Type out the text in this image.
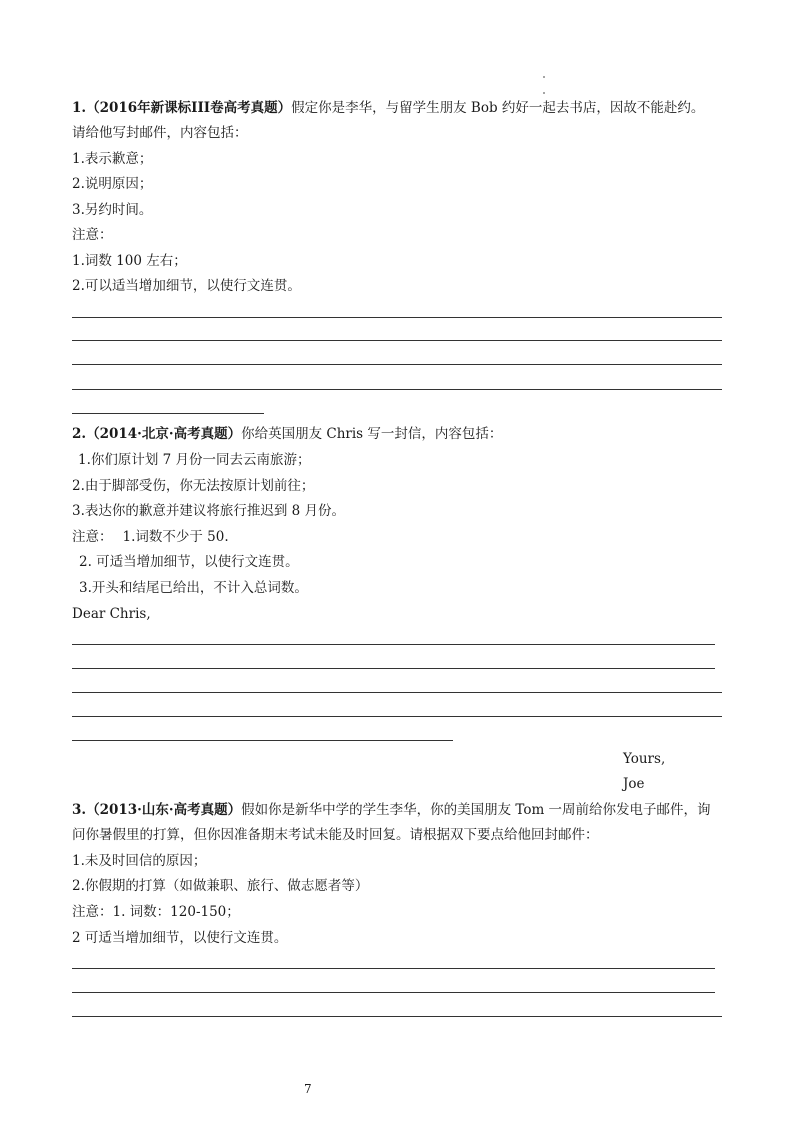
1.（2016年新课标III卷高考真题）假定你是李华，与留学生朋友 Bob 约好一起去书店，因故不能赴约。
请给他写封邮件，内容包括：
1.表示歉意；
2.说明原因；
3.另约时间。
注意：
1.词数 100 左右；
2.可以适当增加细节，以使行文连贯。
2.（2014·北京·高考真题）你给英国朋友 Chris 写一封信，内容包括：
1.你们原计划 7 月份一同去云南旅游；
2.由于脚部受伤，你无法按原计划前往；
3.表达你的歉意并建议将旅行推迟到 8 月份。
注意： 1.词数不少于 50.
2. 可适当增加细节，以使行文连贯。
3.开头和结尾已给出，不计入总词数。
Dear Chris,
Yours,
Joe
3.（2013·山东·高考真题）假如你是新华中学的学生李华，你的美国朋友 Tom 一周前给你发电子邮件，询
问你暑假里的打算，但你因准备期末考试未能及时回复。请根据双下要点给他回封邮件：
1.未及时回信的原因；
2.你假期的打算（如做兼职、旅行、做志愿者等）
注意：1. 词数：120-150；
2 可适当增加细节，以使行文连贯。
7
